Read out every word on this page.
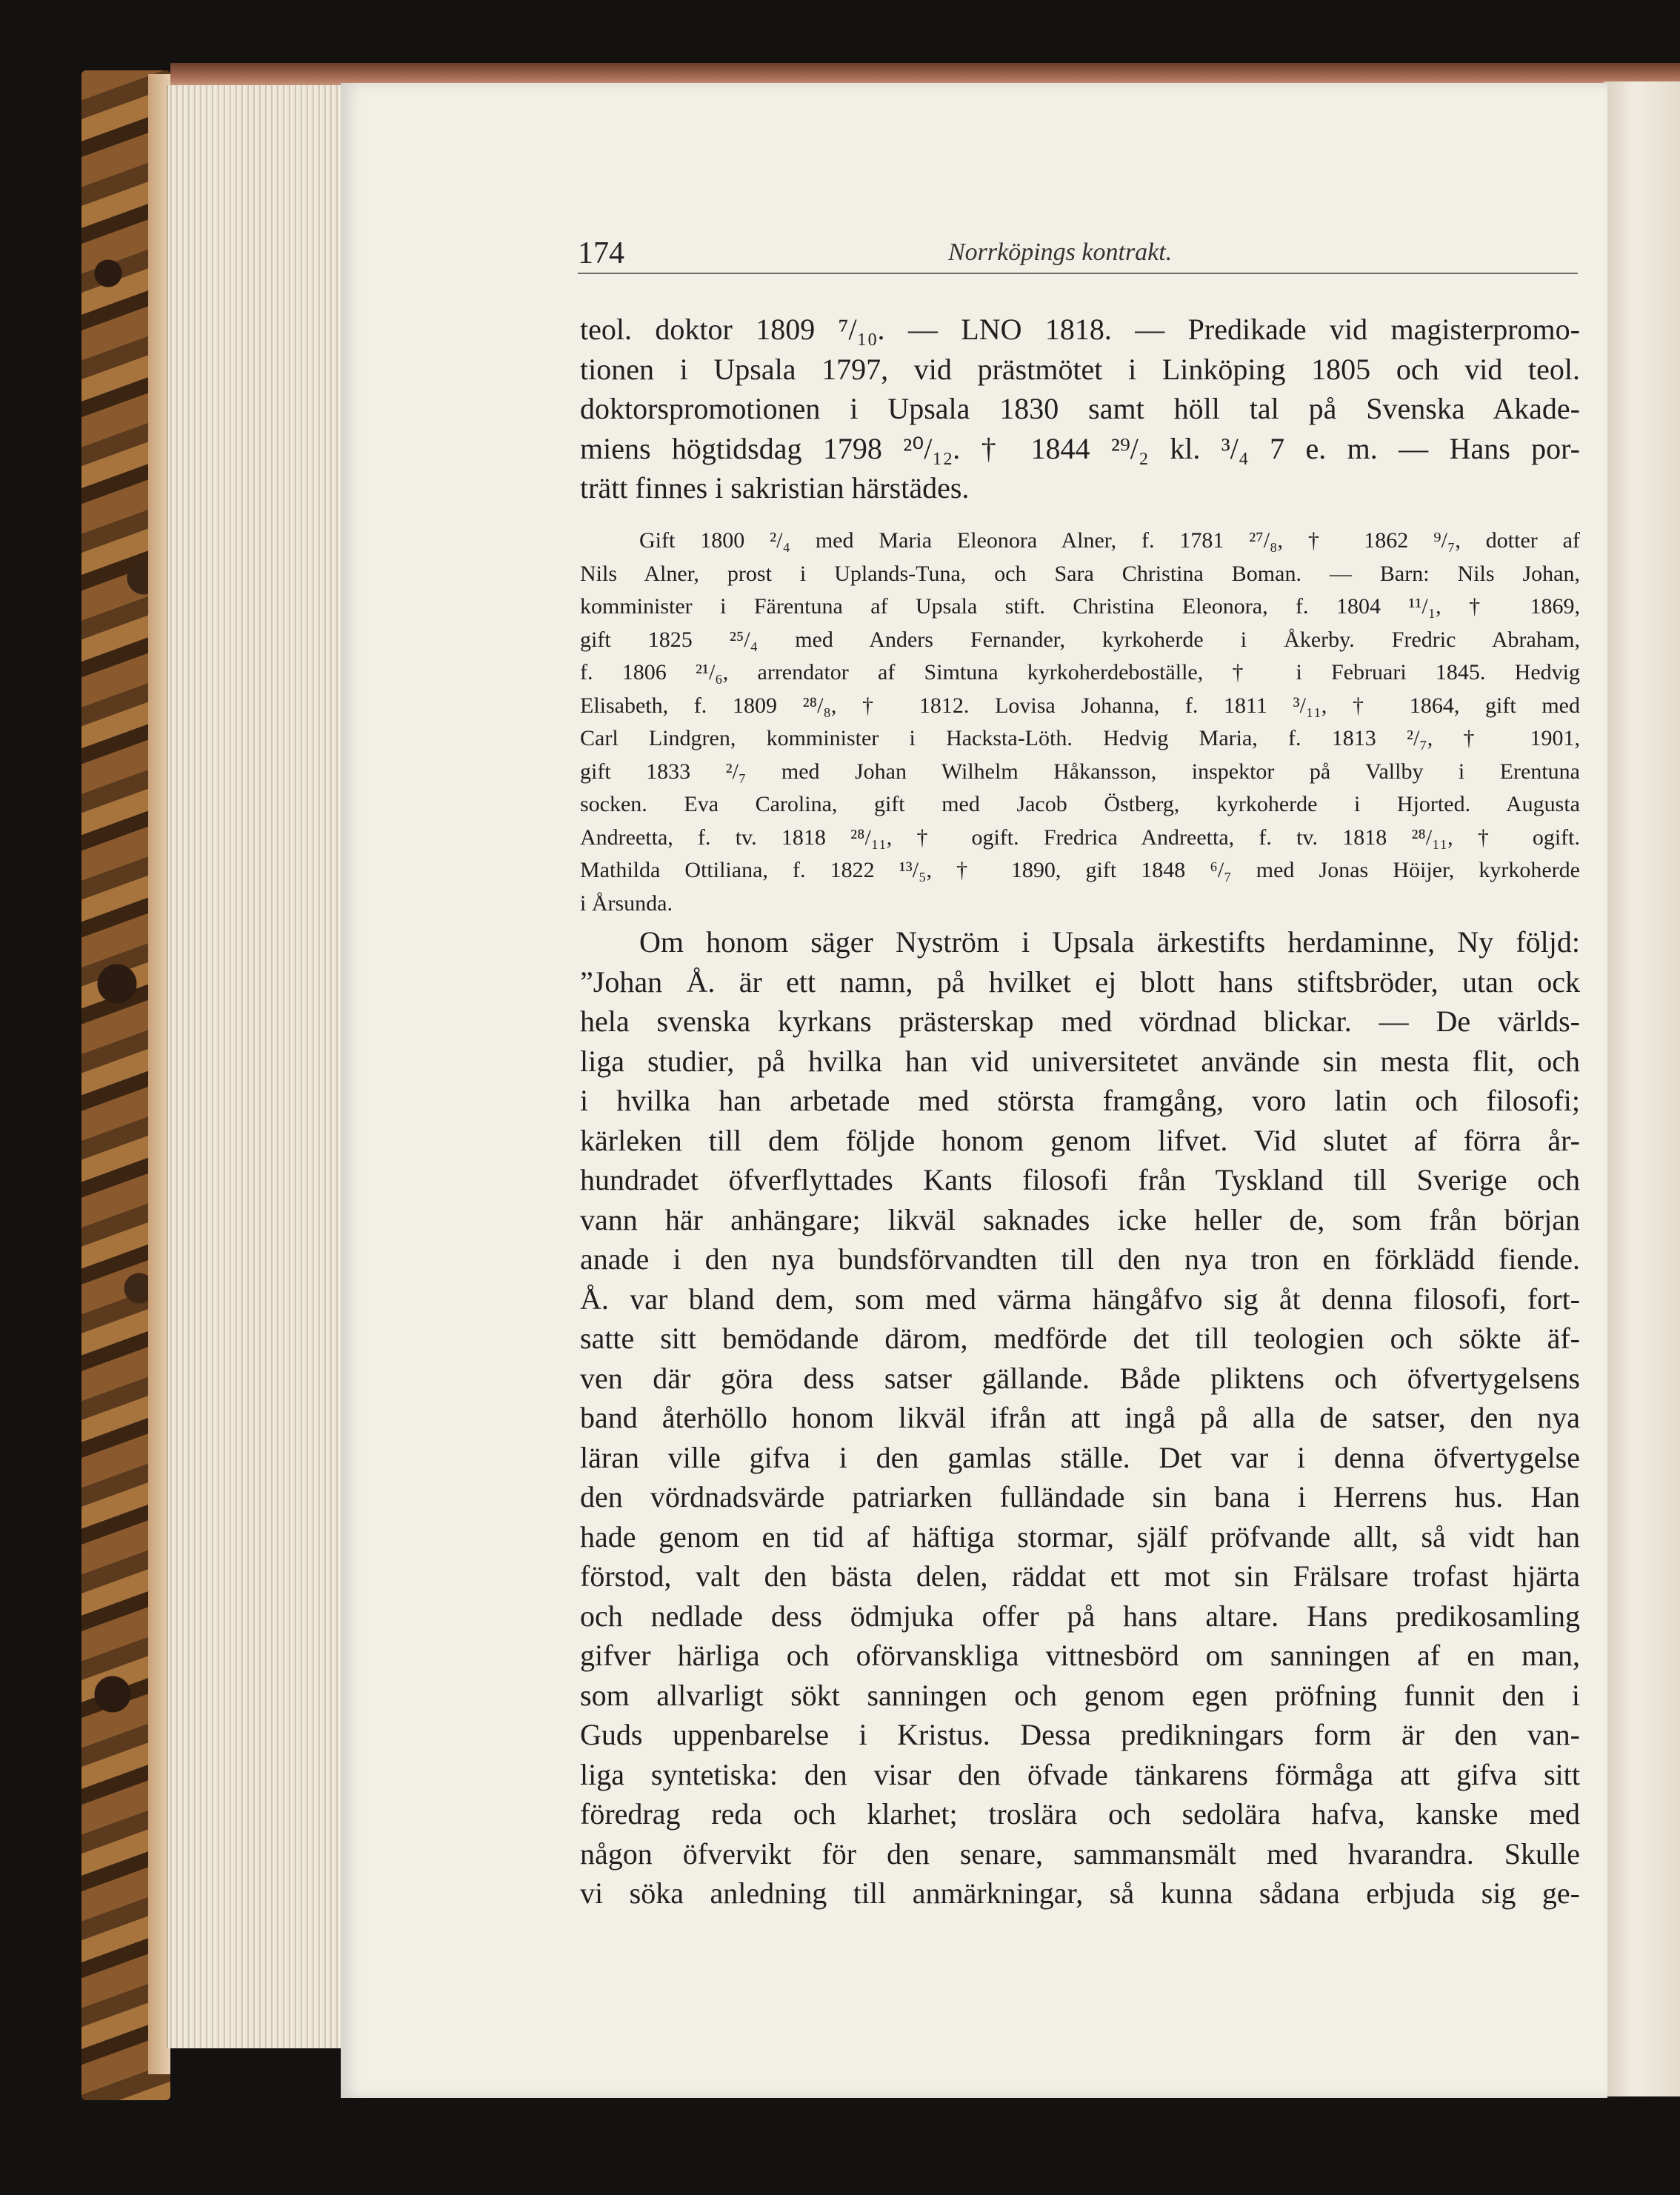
174	Norrköpings kontrakt.
teol. doktor 1809 ⁷/₁₀. — LNO 1818. — Predikade vid magisterpromo-
tionen i Upsala 1797, vid prästmötet i Linköping 1805 och vid teol.
doktorspromotionen i Upsala 1830 samt höll tal på Svenska Akade-
miens högtidsdag 1798 ²⁰/₁₂. † 1844 ²⁹/₂ kl. ³/₄ 7 e. m. — Hans por-
trätt finnes i sakristian härstädes.
Gift 1800 ²/₄ med Maria Eleonora Alner, f. 1781 ²⁷/₈, † 1862 ⁹/₇, dotter af
Nils Alner, prost i Uplands-Tuna, och Sara Christina Boman. — Barn: Nils Johan,
komminister i Färentuna af Upsala stift. Christina Eleonora, f. 1804 ¹¹/₁, † 1869,
gift 1825 ²⁵/₄ med Anders Fernander, kyrkoherde i Åkerby. Fredric Abraham,
f. 1806 ²¹/₆, arrendator af Simtuna kyrkoherdeboställe, † i Februari 1845. Hedvig
Elisabeth, f. 1809 ²⁸/₈, † 1812. Lovisa Johanna, f. 1811 ³/₁₁, † 1864, gift med
Carl Lindgren, komminister i Hacksta-Löth. Hedvig Maria, f. 1813 ²/₇, † 1901,
gift 1833 ²/₇ med Johan Wilhelm Håkansson, inspektor på Vallby i Erentuna
socken. Eva Carolina, gift med Jacob Östberg, kyrkoherde i Hjorted. Augusta
Andreetta, f. tv. 1818 ²⁸/₁₁, † ogift. Fredrica Andreetta, f. tv. 1818 ²⁸/₁₁, † ogift.
Mathilda Ottiliana, f. 1822 ¹³/₅, † 1890, gift 1848 ⁶/₇ med Jonas Höijer, kyrkoherde
i Årsunda.
Om honom säger Nyström i Upsala ärkestifts herdaminne, Ny följd:
”Johan Å. är ett namn, på hvilket ej blott hans stiftsbröder, utan ock
hela svenska kyrkans prästerskap med vördnad blickar. — De världs-
liga studier, på hvilka han vid universitetet använde sin mesta flit, och
i hvilka han arbetade med största framgång, voro latin och filosofi;
kärleken till dem följde honom genom lifvet. Vid slutet af förra år-
hundradet öfverflyttades Kants filosofi från Tyskland till Sverige och
vann här anhängare; likväl saknades icke heller de, som från början
anade i den nya bundsförvandten till den nya tron en förklädd fiende.
Å. var bland dem, som med värma hängåfvo sig åt denna filosofi, fort-
satte sitt bemödande därom, medförde det till teologien och sökte äf-
ven där göra dess satser gällande. Både pliktens och öfvertygelsens
band återhöllo honom likväl ifrån att ingå på alla de satser, den nya
läran ville gifva i den gamlas ställe. Det var i denna öfvertygelse
den vördnadsvärde patriarken fulländade sin bana i Herrens hus. Han
hade genom en tid af häftiga stormar, själf pröfvande allt, så vidt han
förstod, valt den bästa delen, räddat ett mot sin Frälsare trofast hjärta
och nedlade dess ödmjuka offer på hans altare. Hans predikosamling
gifver härliga och oförvanskliga vittnesbörd om sanningen af en man,
som allvarligt sökt sanningen och genom egen pröfning funnit den i
Guds uppenbarelse i Kristus. Dessa predikningars form är den van-
liga syntetiska: den visar den öfvade tänkarens förmåga att gifva sitt
föredrag reda och klarhet; troslära och sedolära hafva, kanske med
någon öfvervikt för den senare, sammansmält med hvarandra. Skulle
vi söka anledning till anmärkningar, så kunna sådana erbjuda sig ge-
